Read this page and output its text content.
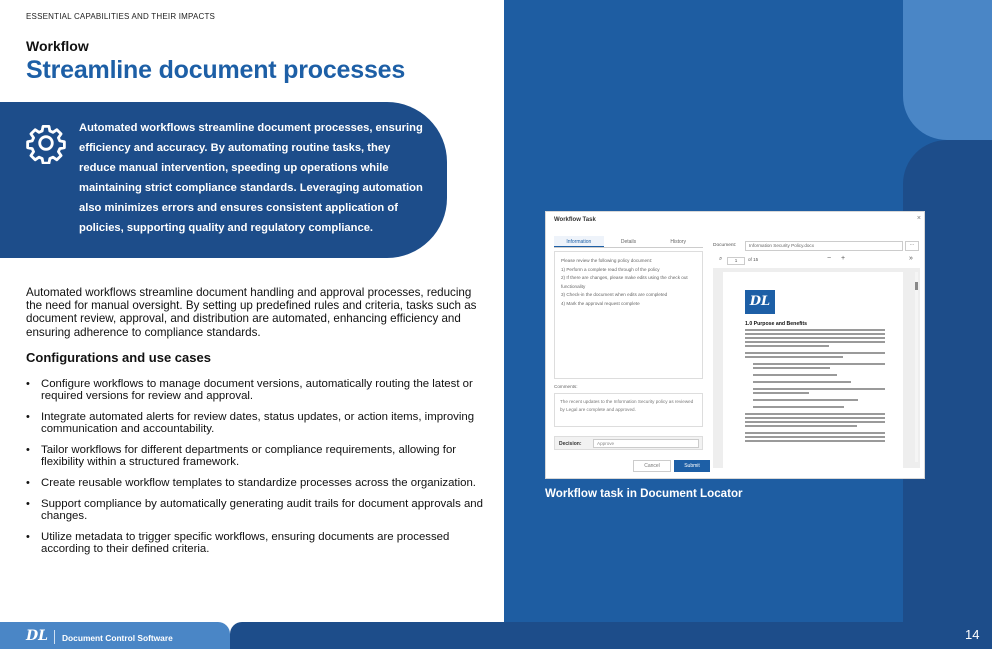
ESSENTIAL CAPABILITIES AND THEIR IMPACTS
Workflow
Streamline document processes
Automated workflows streamline document processes, ensuring efficiency and accuracy. By automating routine tasks, they reduce manual intervention, speeding up operations while maintaining strict compliance standards. Leveraging automation also minimizes errors and ensures consistent application of policies, supporting quality and regulatory compliance.
Automated workflows streamline document handling and approval processes, reducing the need for manual oversight. By setting up predefined rules and criteria, tasks such as document review, approval, and distribution are automated, enhancing efficiency and ensuring adherence to compliance standards.
Configurations and use cases
• Configure workflows to manage document versions, automatically routing the latest or required versions for review and approval.
• Integrate automated alerts for review dates, status updates, or action items, improving communication and accountability.
• Tailor workflows for different departments or compliance requirements, allowing for flexibility within a structured framework.
• Create reusable workflow templates to standardize processes across the organization.
• Support compliance by automatically generating audit trails for document approvals and changes.
• Utilize metadata to trigger specific workflows, ensuring documents are processed according to their defined criteria.
Workflow Task	×
Information	Details	History
Please review the following policy document:
1) Perform a complete read through of the policy
2) If there are changes, please make edits using the check out functionality
3) Check-in the document when edits are completed
4) Mark the approval request complete
Comments:
The recent updates to the Information Security policy as reviewed by Legal are complete and approved.
Decision:	Approve
Cancel	Submit
Document:	Information Security Policy.docx	···
⌕	1	of 15	− +	»
DL
1.0 Purpose and Benefits
Workflow task in Document Locator
DL Document Control Software	14
